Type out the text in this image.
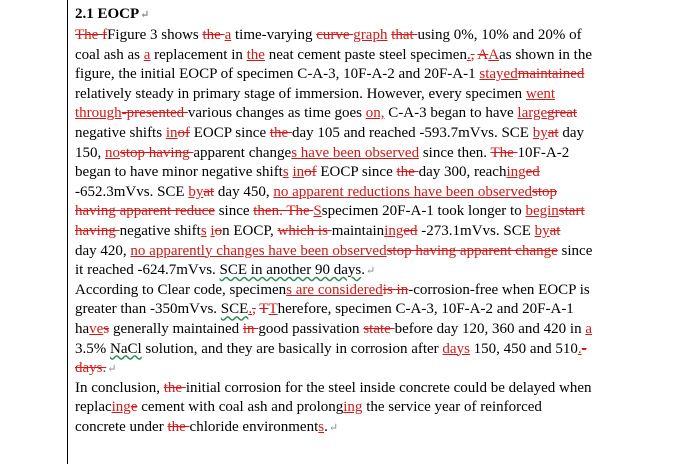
2.1 EOCP↵
The fFigure 3 shows the a time-varying curve graph that using 0%, 10% and 20% of
coal ash as a replacement in the neat cement paste steel specimen., AAas shown in the
figure, the initial EOCP of specimen C-A-3, 10F-A-2 and 20F-A-1 stayedmaintained
relatively steady in primary stage of immersion. However, every specimen went
through-presented various changes as time goes on, C-A-3 began to have largegreat
negative shifts inof EOCP since the day 105 and reached -593.7mVvs. SCE byat day
150, nostop having apparent changes have been observed since then. The 10F-A-2
began to have minor negative shifts inof EOCP since the day 300, reachinged
-652.3mVvs. SCE byat day 450, no apparent reductions have been observedstop
having apparent reduce since then. The Sspecimen 20F-A-1 took longer to beginstart
having negative shifts ion EOCP, which is maintaininged -273.1mVvs. SCE byat
day 420, no apparently changes have been observedstop having apparent change since
it reached -624.7mVvs. SCE in another 90 days.↵
According to Clear code, specimens are consideredis in-corrosion-free when EOCP is
greater than -350mVvs. SCE., TTherefore, specimen C-A-3, 10F-A-2 and 20F-A-1
haves generally maintained in good passivation state before day 120, 360 and 420 in a
3.5% NaCl solution, and they are basically in corrosion after days 150, 450 and 510.-
days.↵
In conclusion, the initial corrosion for the steel inside concrete could be delayed when
replacinge cement with coal ash and prolonging the service year of reinforced
concrete under the chloride environments.↵
